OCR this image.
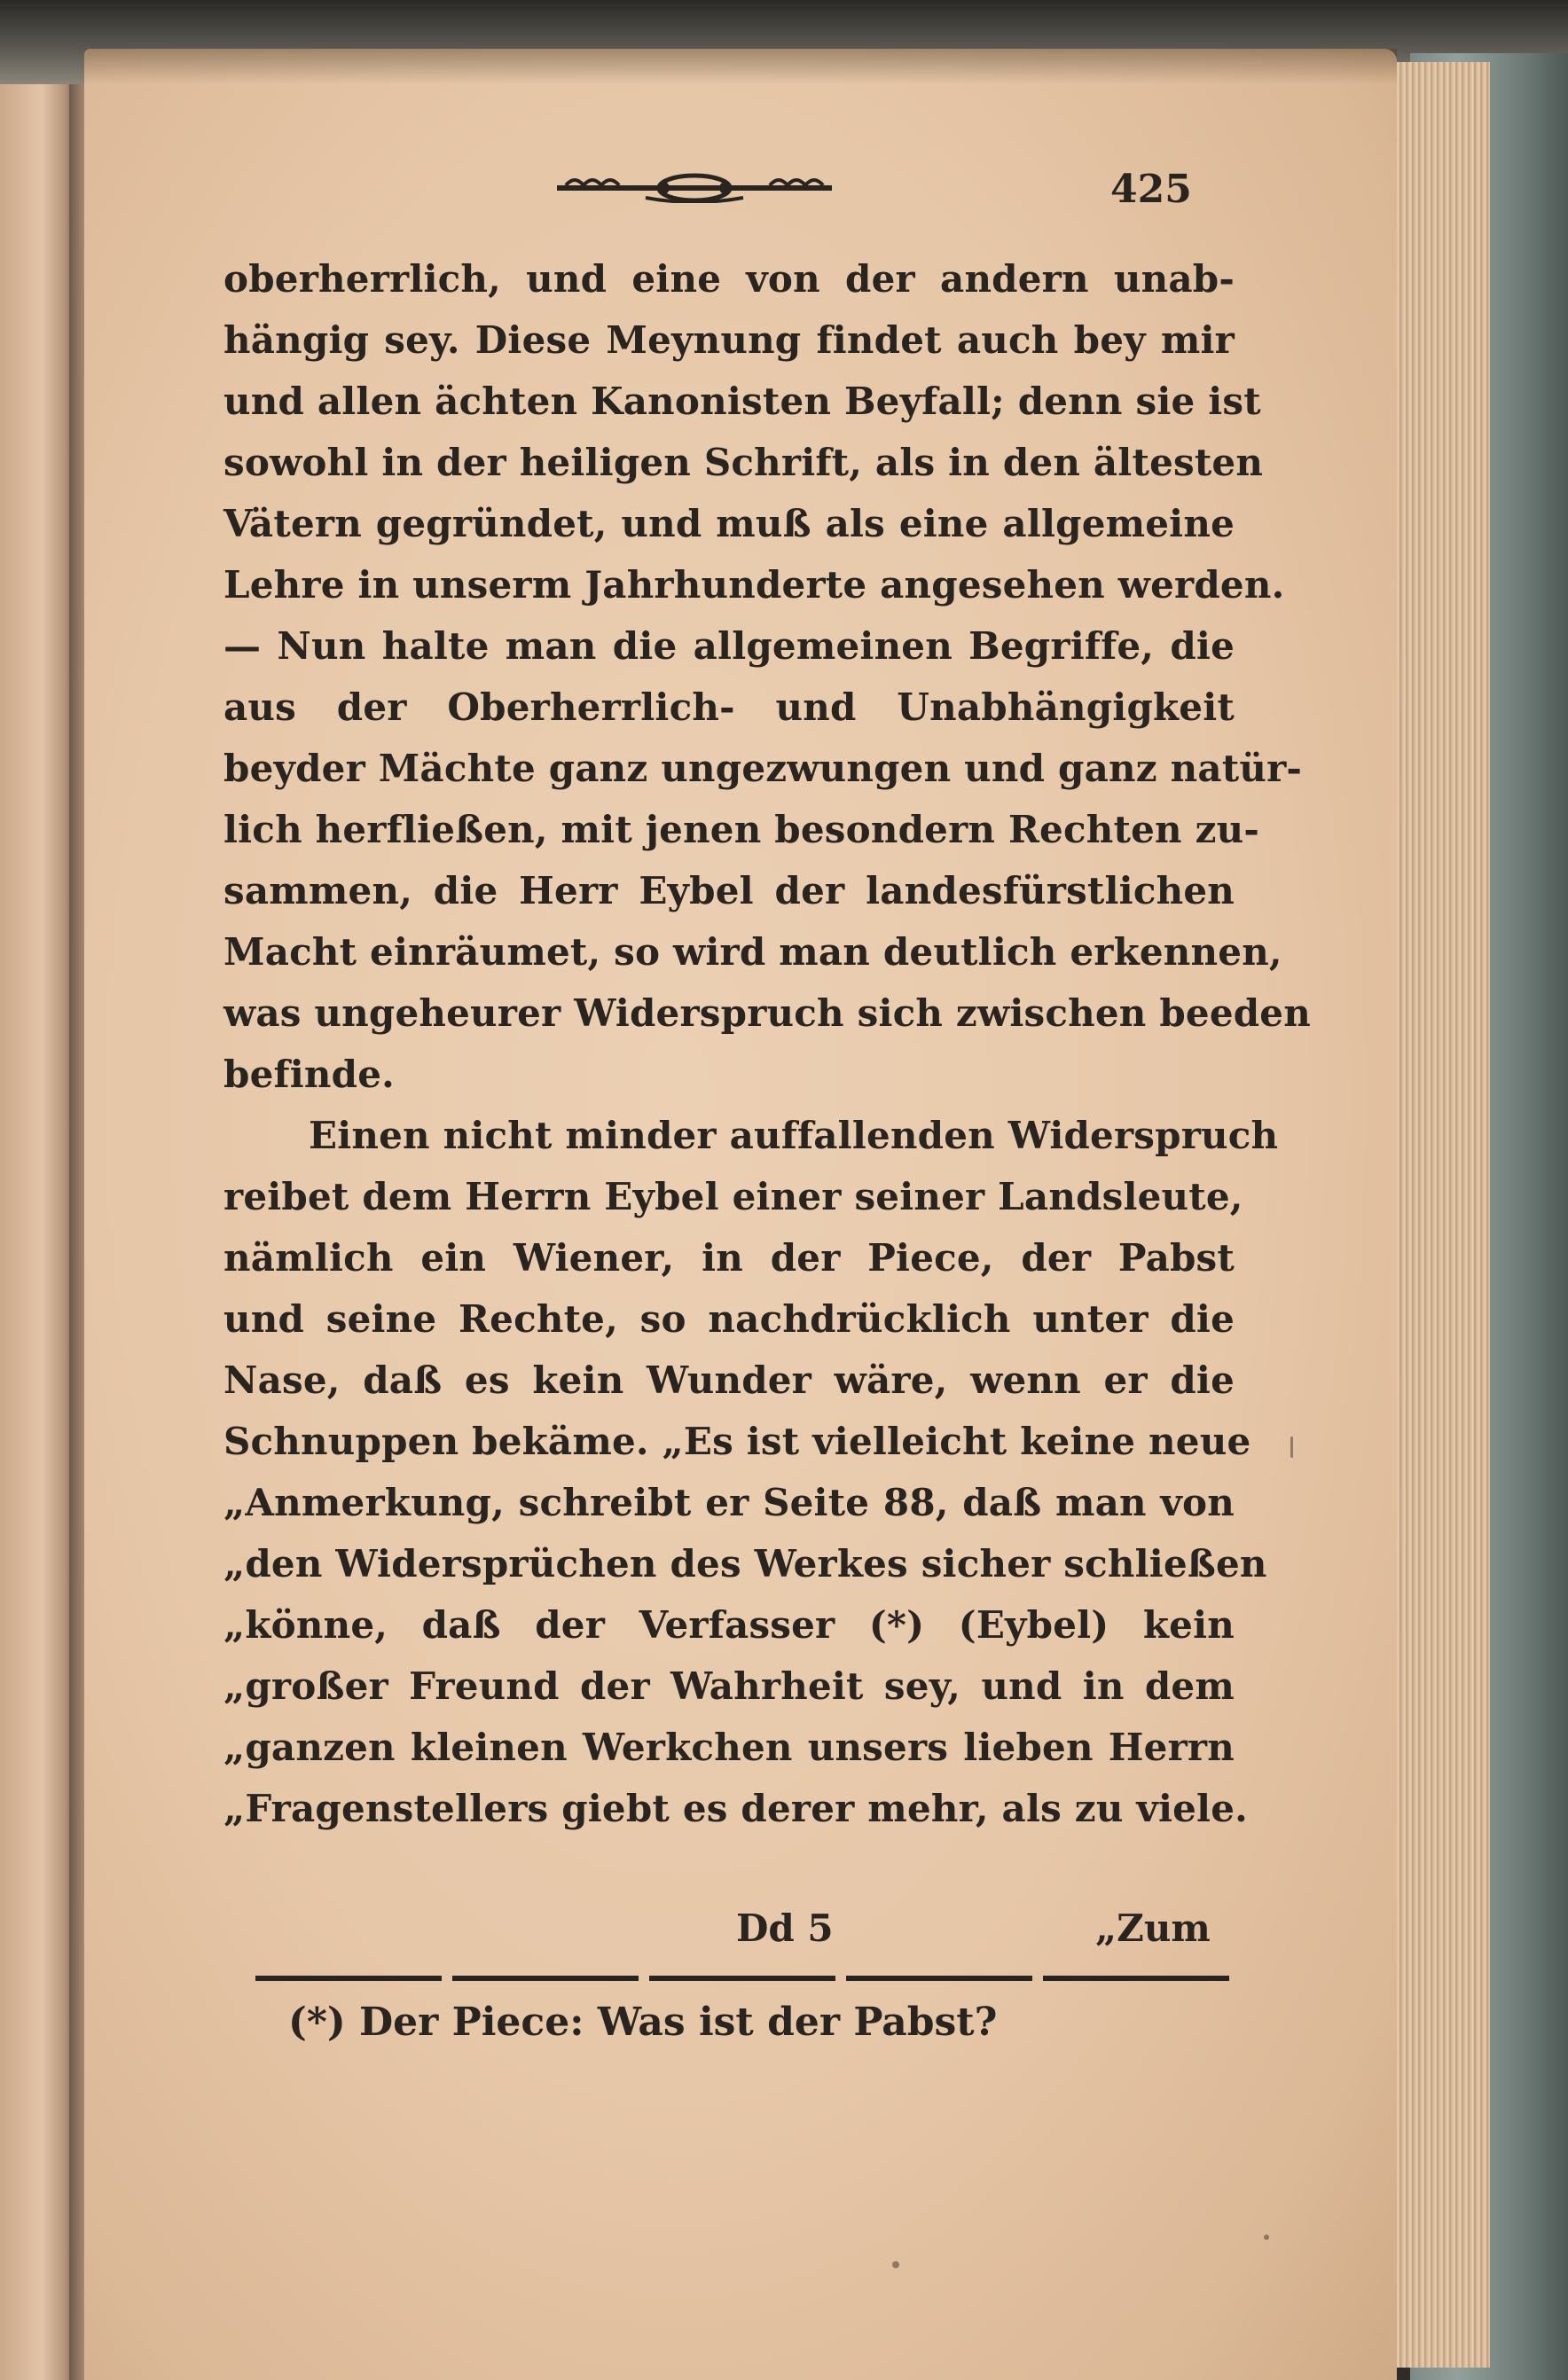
425
oberherrlich, und eine von der andern unab-
hängig sey. Diese Meynung findet auch bey mir
und allen ächten Kanonisten Beyfall; denn sie ist
sowohl in der heiligen Schrift, als in den ältesten
Vätern gegründet, und muß als eine allgemeine
Lehre in unserm Jahrhunderte angesehen werden.
— Nun halte man die allgemeinen Begriffe, die
aus der Oberherrlich- und Unabhängigkeit
beyder Mächte ganz ungezwungen und ganz natür-
lich herfließen, mit jenen besondern Rechten zu-
sammen, die Herr Eybel der landesfürstlichen
Macht einräumet, so wird man deutlich erkennen,
was ungeheurer Widerspruch sich zwischen beeden
befinde.
Einen nicht minder auffallenden Widerspruch
reibet dem Herrn Eybel einer seiner Landsleute,
nämlich ein Wiener, in der Piece, der Pabst
und seine Rechte, so nachdrücklich unter die
Nase, daß es kein Wunder wäre, wenn er die
Schnuppen bekäme. „Es ist vielleicht keine neue
„Anmerkung, schreibt er Seite 88, daß man von
„den Widersprüchen des Werkes sicher schließen
„könne, daß der Verfasser (*) (Eybel) kein
„großer Freund der Wahrheit sey, und in dem
„ganzen kleinen Werkchen unsers lieben Herrn
„Fragenstellers giebt es derer mehr, als zu viele.
Dd 5	„Zum
(*) Der Piece: Was ist der Pabst?
